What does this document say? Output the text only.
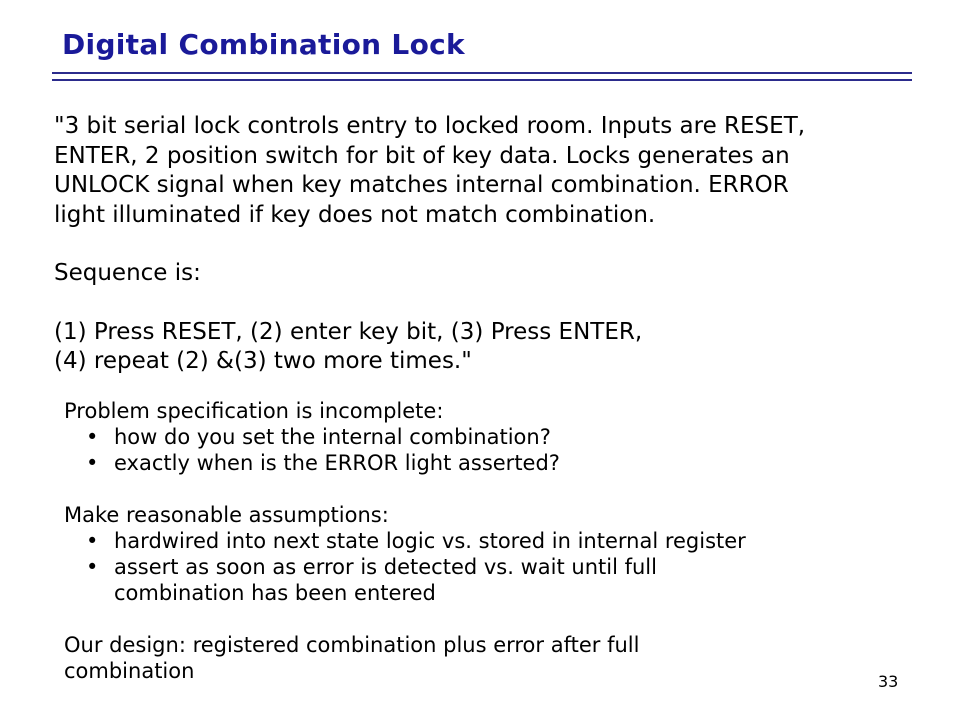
Digital Combination Lock
"3 bit serial lock controls entry to locked room. Inputs are RESET,
ENTER, 2 position switch for bit of key data. Locks generates an
UNLOCK signal when key matches internal combination. ERROR
light illuminated if key does not match combination.
Sequence is:
(1) Press RESET, (2) enter key bit, (3) Press ENTER,
(4) repeat (2) &(3) two more times."
Problem specification is incomplete:
• how do you set the internal combination?
• exactly when is the ERROR light asserted?
Make reasonable assumptions:
• hardwired into next state logic vs. stored in internal register
• assert as soon as error is detected vs. wait until full
combination has been entered
Our design: registered combination plus error after full
combination	33
